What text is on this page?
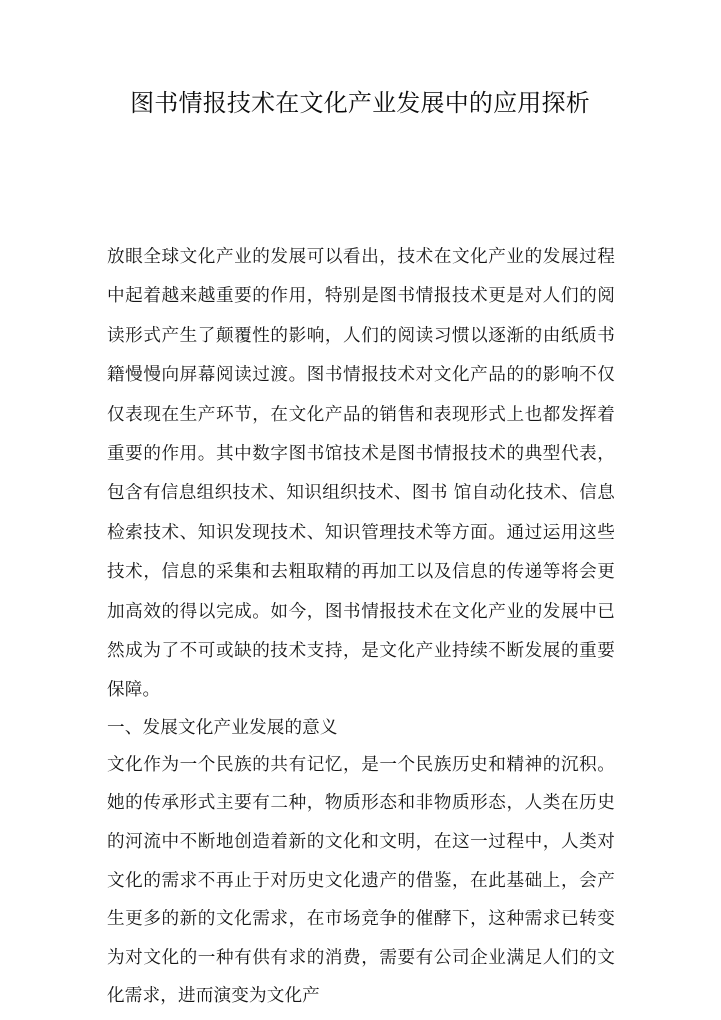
图书情报技术在文化产业发展中的应用探析

放眼全球文化产业的发展可以看出，技术在文化产业的发展过程中起着越来越重要的作用，特别是图书情报技术更是对人们的阅读形式产生了颠覆性的影响，人们的阅读习惯以逐渐的由纸质书籍慢慢向屏幕阅读过渡。图书情报技术对文化产品的的影响不仅仅表现在生产环节，在文化产品的销售和表现形式上也都发挥着重要的作用。其中数字图书馆技术是图书情报技术的典型代表，包含有信息组织技术、知识组织技术、图书 馆自动化技术、信息检索技术、知识发现技术、知识管理技术等方面。通过运用这些技术，信息的采集和去粗取精的再加工以及信息的传递等将会更加高效的得以完成。如今，图书情报技术在文化产业的发展中已然成为了不可或缺的技术支持，是文化产业持续不断发展的重要保障。

一、发展文化产业发展的意义

文化作为一个民族的共有记忆，是一个民族历史和精神的沉积。她的传承形式主要有二种，物质形态和非物质形态，人类在历史的河流中不断地创造着新的文化和文明，在这一过程中，人类对文化的需求不再止于对历史文化遗产的借鉴，在此基础上，会产生更多的新的文化需求，在市场竞争的催酵下，这种需求已转变为对文化的一种有供有求的消费，需要有公司企业满足人们的文化需求，进而演变为文化产
